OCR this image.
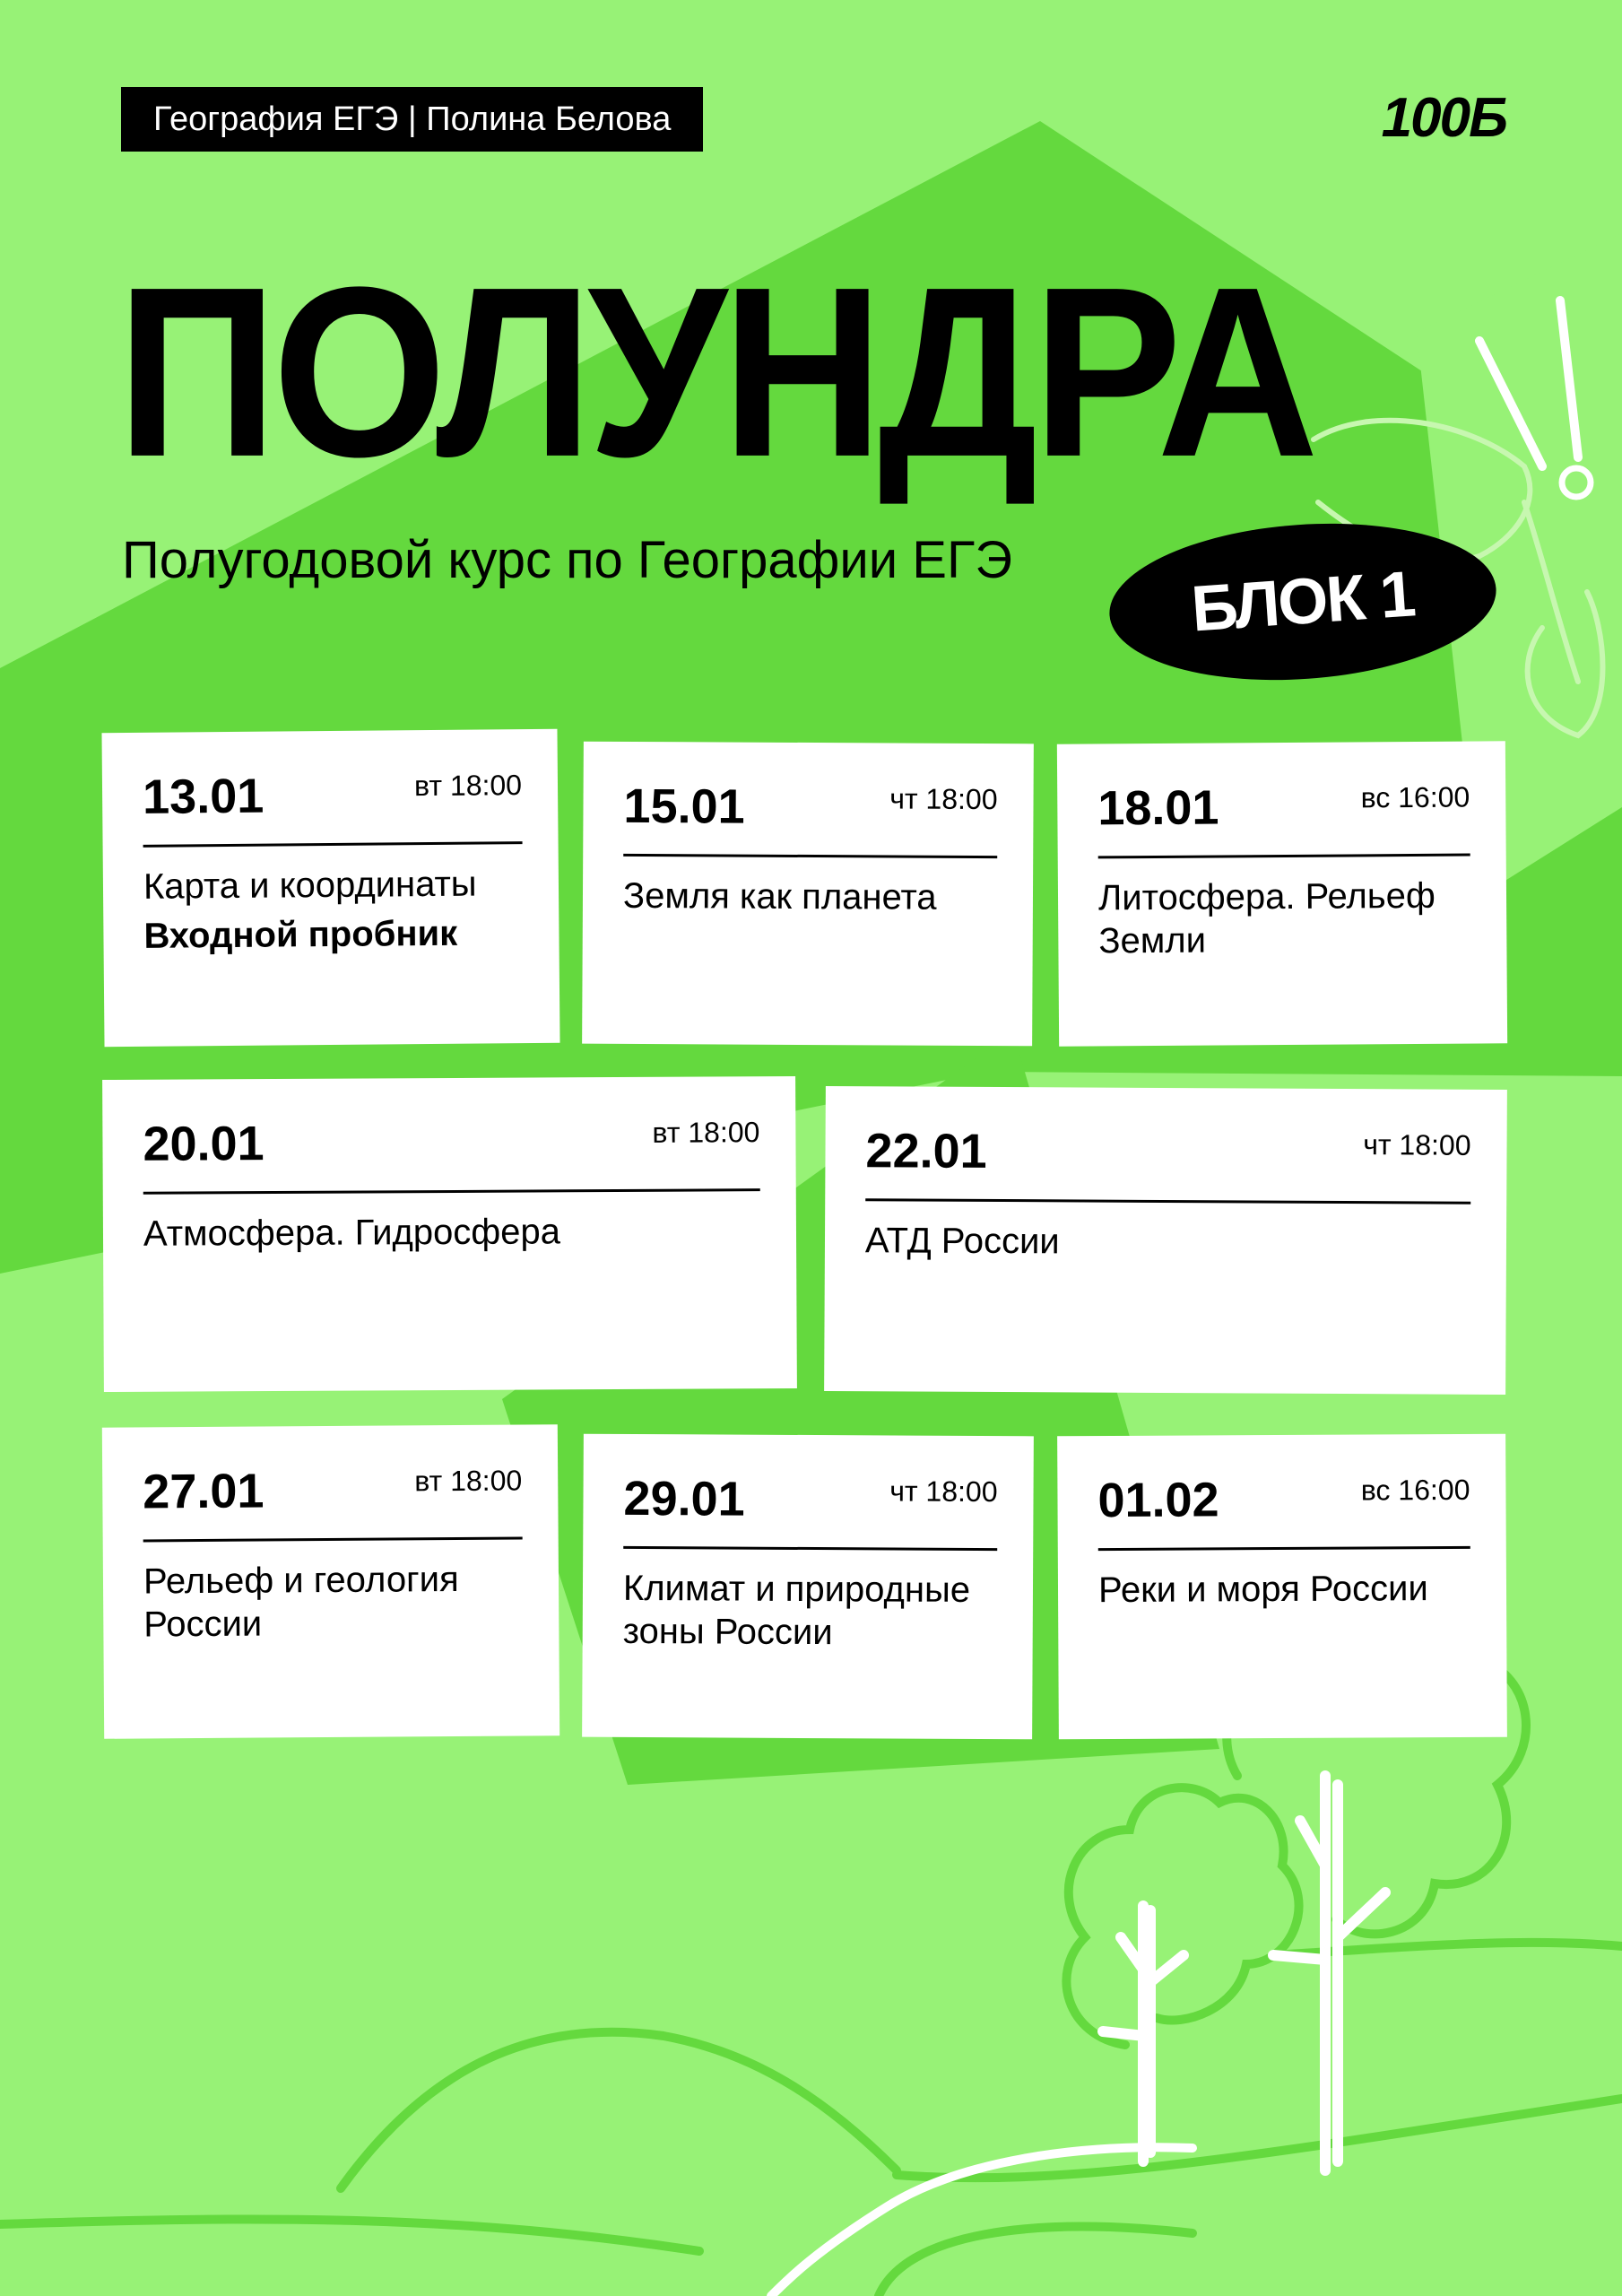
География ЕГЭ | Полина Белова	100Б
ПОЛУНДРА
Полугодовой курс по Географии ЕГЭ	БЛОК 1
13.01	вт 18:00
Карта и координаты
Входной пробник
15.01	чт 18:00
Земля как планета
18.01	вс 16:00
Литосфера. Рельеф Земли
20.01	вт 18:00
Атмосфера. Гидросфера
22.01	чт 18:00
АТД России
27.01	вт 18:00
Рельеф и геология России
29.01	чт 18:00
Климат и природные зоны России
01.02	вс 16:00
Реки и моря России
